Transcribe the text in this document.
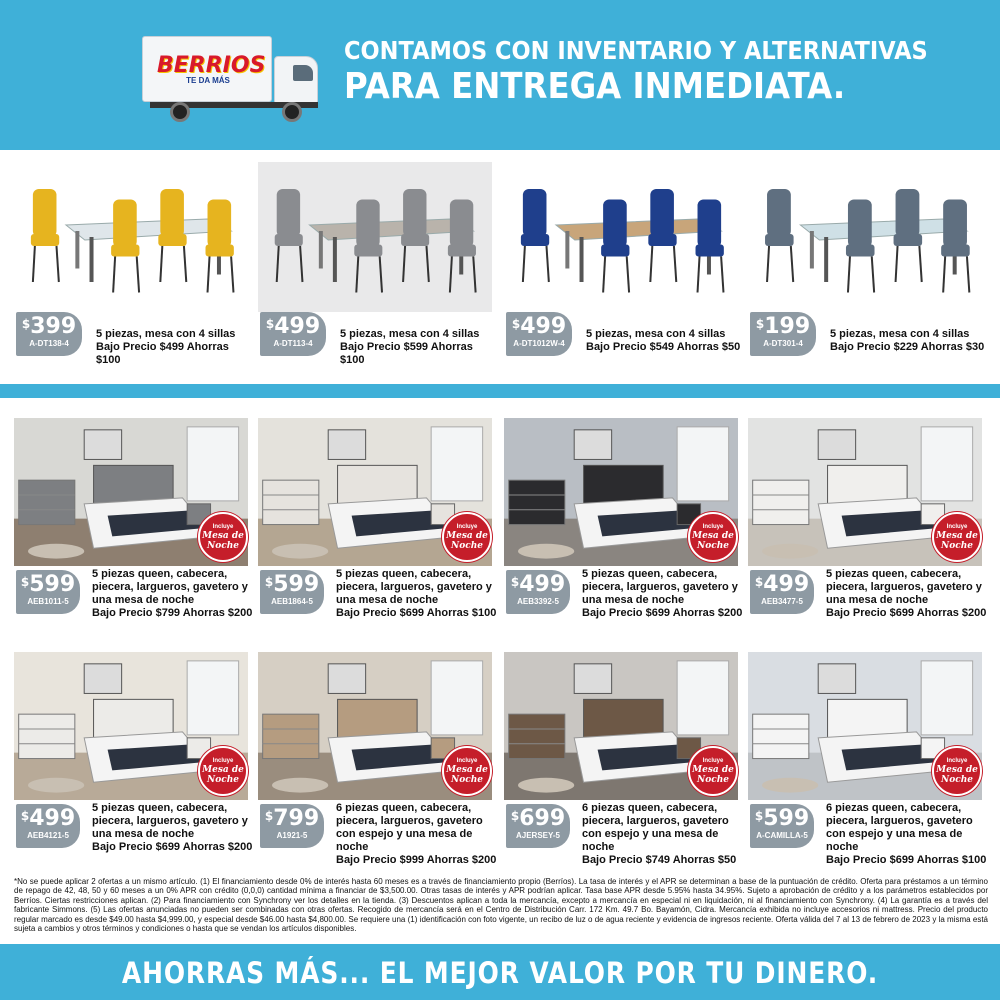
BERRIOS
TE DA MÁS
CONTAMOS CON INVENTARIO Y ALTERNATIVAS
PARA ENTREGA INMEDIATA.
$399
A-DT138-4
5 piezas, mesa con 4 sillas
Bajo Precio $499 Ahorras $100
$499
A-DT113-4
5 piezas, mesa con 4 sillas
Bajo Precio $599 Ahorras $100
$499
A-DT1012W-4
5 piezas, mesa con 4 sillas
Bajo Precio $549 Ahorras $50
$199
A-DT301-4
5 piezas, mesa con 4 sillas
Bajo Precio $229 Ahorras $30
Incluye
Mesa de Noche
$599
AEB1011-5
5 piezas queen, cabecera, piecera, largueros, gavetero y una mesa de noche
Bajo Precio $799 Ahorras $200
Incluye
Mesa de Noche
$599
AEB1864-5
5 piezas queen, cabecera, piecera, largueros, gavetero y una mesa de noche
Bajo Precio $699 Ahorras $100
Incluye
Mesa de Noche
$499
AEB3392-5
5 piezas queen, cabecera, piecera, largueros, gavetero y una mesa de noche
Bajo Precio $699 Ahorras $200
Incluye
Mesa de Noche
$499
AEB3477-5
5 piezas queen, cabecera, piecera, largueros, gavetero y una mesa de noche
Bajo Precio $699 Ahorras $200
Incluye
Mesa de Noche
$499
AEB4121-5
5 piezas queen, cabecera, piecera, largueros, gavetero y una mesa de noche
Bajo Precio $699 Ahorras $200
Incluye
Mesa de Noche
$799
A1921-5
6 piezas queen, cabecera, piecera, largueros, gavetero con espejo y una mesa de noche
Bajo Precio $999 Ahorras $200
Incluye
Mesa de Noche
$699
AJERSEY-5
6 piezas queen, cabecera, piecera, largueros, gavetero con espejo y una mesa de noche
Bajo Precio $749 Ahorras $50
Incluye
Mesa de Noche
$599
A-CAMILLA-5
6 piezas queen, cabecera, piecera, largueros, gavetero con espejo y una mesa de noche
Bajo Precio $699 Ahorras $100
*No se puede aplicar 2 ofertas a un mismo artículo. (1) El financiamiento desde 0% de interés hasta 60 meses es a través de financiamiento propio (Berríos). La tasa de interés y el APR se determinan a base de la puntuación de crédito. Oferta para préstamos a un término de repago de 42, 48, 50 y 60 meses a un 0% APR con crédito (0,0,0) cantidad mínima a financiar de $3,500.00. Otras tasas de interés y APR podrían aplicar. Tasa base APR desde 5.95% hasta 34.95%. Sujeto a aprobación de crédito y a los parámetros establecidos por Berríos. Ciertas restricciones aplican. (2) Para financiamiento con Synchrony ver los detalles en la tienda. (3) Descuentos aplican a toda la mercancía, excepto a mercancía en especial ni en liquidación, ni al financiamiento con Synchrony. (4) La garantía es a través del fabricante Simmons. (5) Las ofertas anunciadas no pueden ser combinadas con otras ofertas. Recogido de mercancía será en el Centro de Distribución Carr. 172 Km. 49.7 Bo. Bayamón, Cidra. Mercancía exhibida no incluye accesorios ni mattress. Precio del producto regular marcado es desde $49.00 hasta $4,999.00, y especial desde $46.00 hasta $4,800.00. Se requiere una (1) identificación con foto vigente, un recibo de luz o de agua reciente y evidencia de ingresos reciente. Oferta válida del 7 al 13 de febrero de 2023 y la misma está sujeta a cambios y otros términos y condiciones o hasta que se vendan los artículos disponibles.
AHORRAS MÁS... EL MEJOR VALOR POR TU DINERO.
